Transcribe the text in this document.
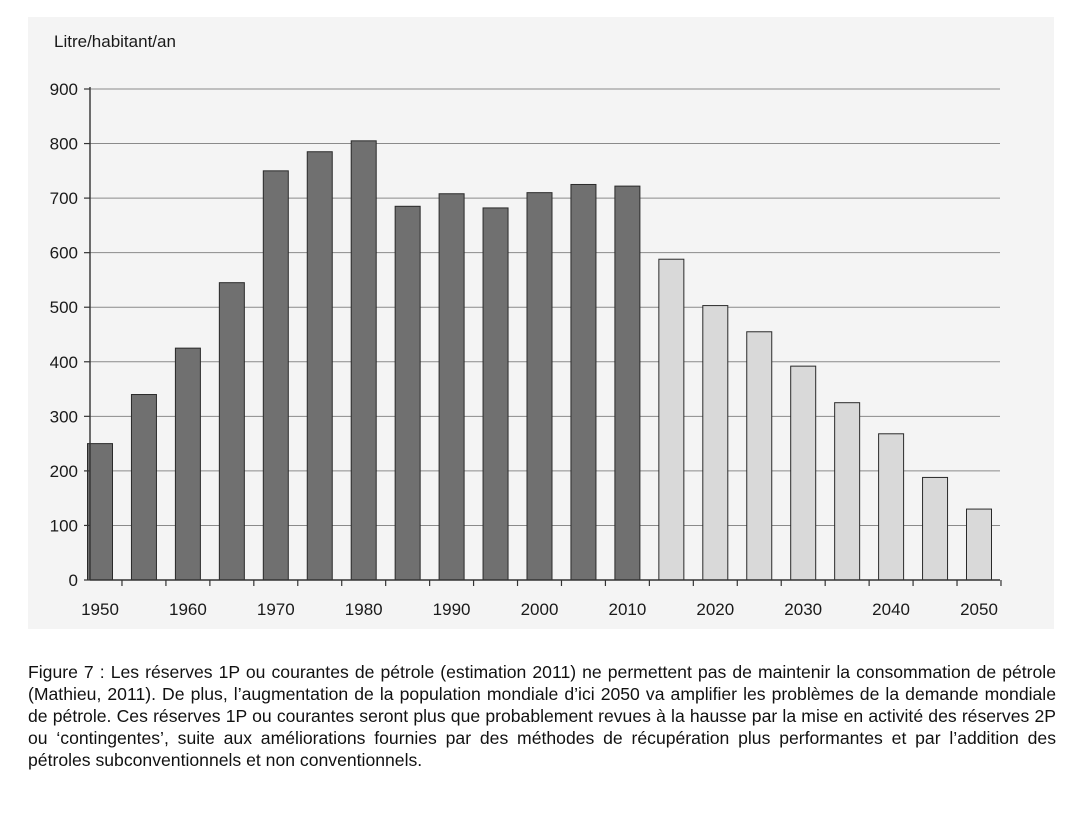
0
100
200
300
400
500
600
700
800
900
1950	1960	1970	1980	1990	2000	2010	2020	2030	2040	2050
Litre/habitant/an

Figure 7 : Les réserves 1P ou courantes de pétrole (estimation 2011) ne permettent pas de maintenir la consommation de pétrole (Mathieu, 2011). De plus, l’augmentation de la population mondiale d’ici 2050 va amplifier les problèmes de la demande mondiale de pétrole. Ces réserves 1P ou courantes seront plus que probablement revues à la hausse par la mise en activité des réserves 2P ou ‘contingentes’, suite aux améliorations fournies par des méthodes de récupération plus performantes et par l’addition des pétroles subconventionnels et non conventionnels.
